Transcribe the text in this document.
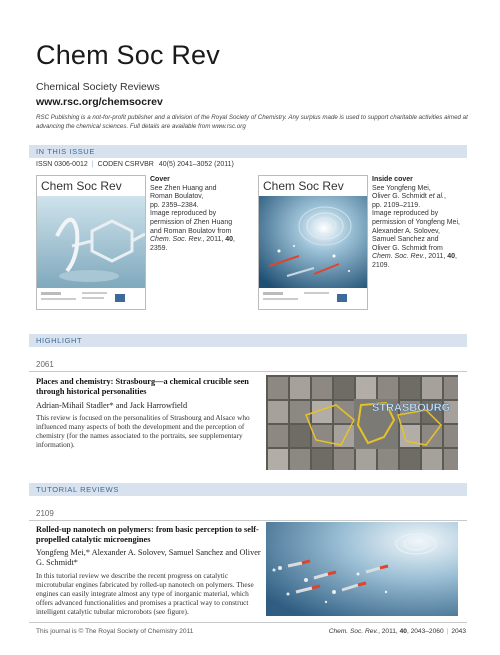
Chem Soc Rev
Chemical Society Reviews
www.rsc.org/chemsocrev
RSC Publishing is a not-for-profit publisher and a division of the Royal Society of Chemistry. Any surplus made is used to support charitable activities aimed at advancing the chemical sciences. Full details are available from www.rsc.org
IN THIS ISSUE
ISSN 0306-0012 | CODEN CSRVBR 40(5) 2041–3052 (2011)
Chem Soc Rev	Cover
See Zhen Huang and
Roman Boulatov,
pp. 2359–2384.
Image reproduced by
permission of Zhen Huang
and Roman Boulatov from
Chem. Soc. Rev., 2011, 40, 2359.
Chem Soc Rev	Inside cover
See Yongfeng Mei,
Oliver G. Schmidt et al.,
pp. 2109–2119.
Image reproduced by
permission of Yongfeng Mei,
Alexander A. Solovev,
Samuel Sanchez and
Oliver G. Schmidt from
Chem. Soc. Rev., 2011, 40, 2109.
HIGHLIGHT
2061
Places and chemistry: Strasbourg—a chemical crucible seen through historical personalities
Adrian-Mihail Stadler* and Jack Harrowfield
This review is focused on the personalities of Strasbourg and Alsace who influenced many aspects of both the development and the perception of chemistry (for the names associated to the portraits, see supplementary information).
STRASBOURG
TUTORIAL REVIEWS
2109
Rolled-up nanotech on polymers: from basic perception to self-propelled catalytic microengines
Yongfeng Mei,* Alexander A. Solovev, Samuel Sanchez and Oliver G. Schmidt*
In this tutorial review we describe the recent progress on catalytic microtubular engines fabricated by rolled-up nanotech on polymers. These engines can easily integrate almost any type of inorganic material, which offers advanced functionalities and promises a practical way to construct intelligent catalytic tubular microrobots (see figure).
This journal is © The Royal Society of Chemistry 2011	Chem. Soc. Rev., 2011, 40, 2043–2060 | 2043
